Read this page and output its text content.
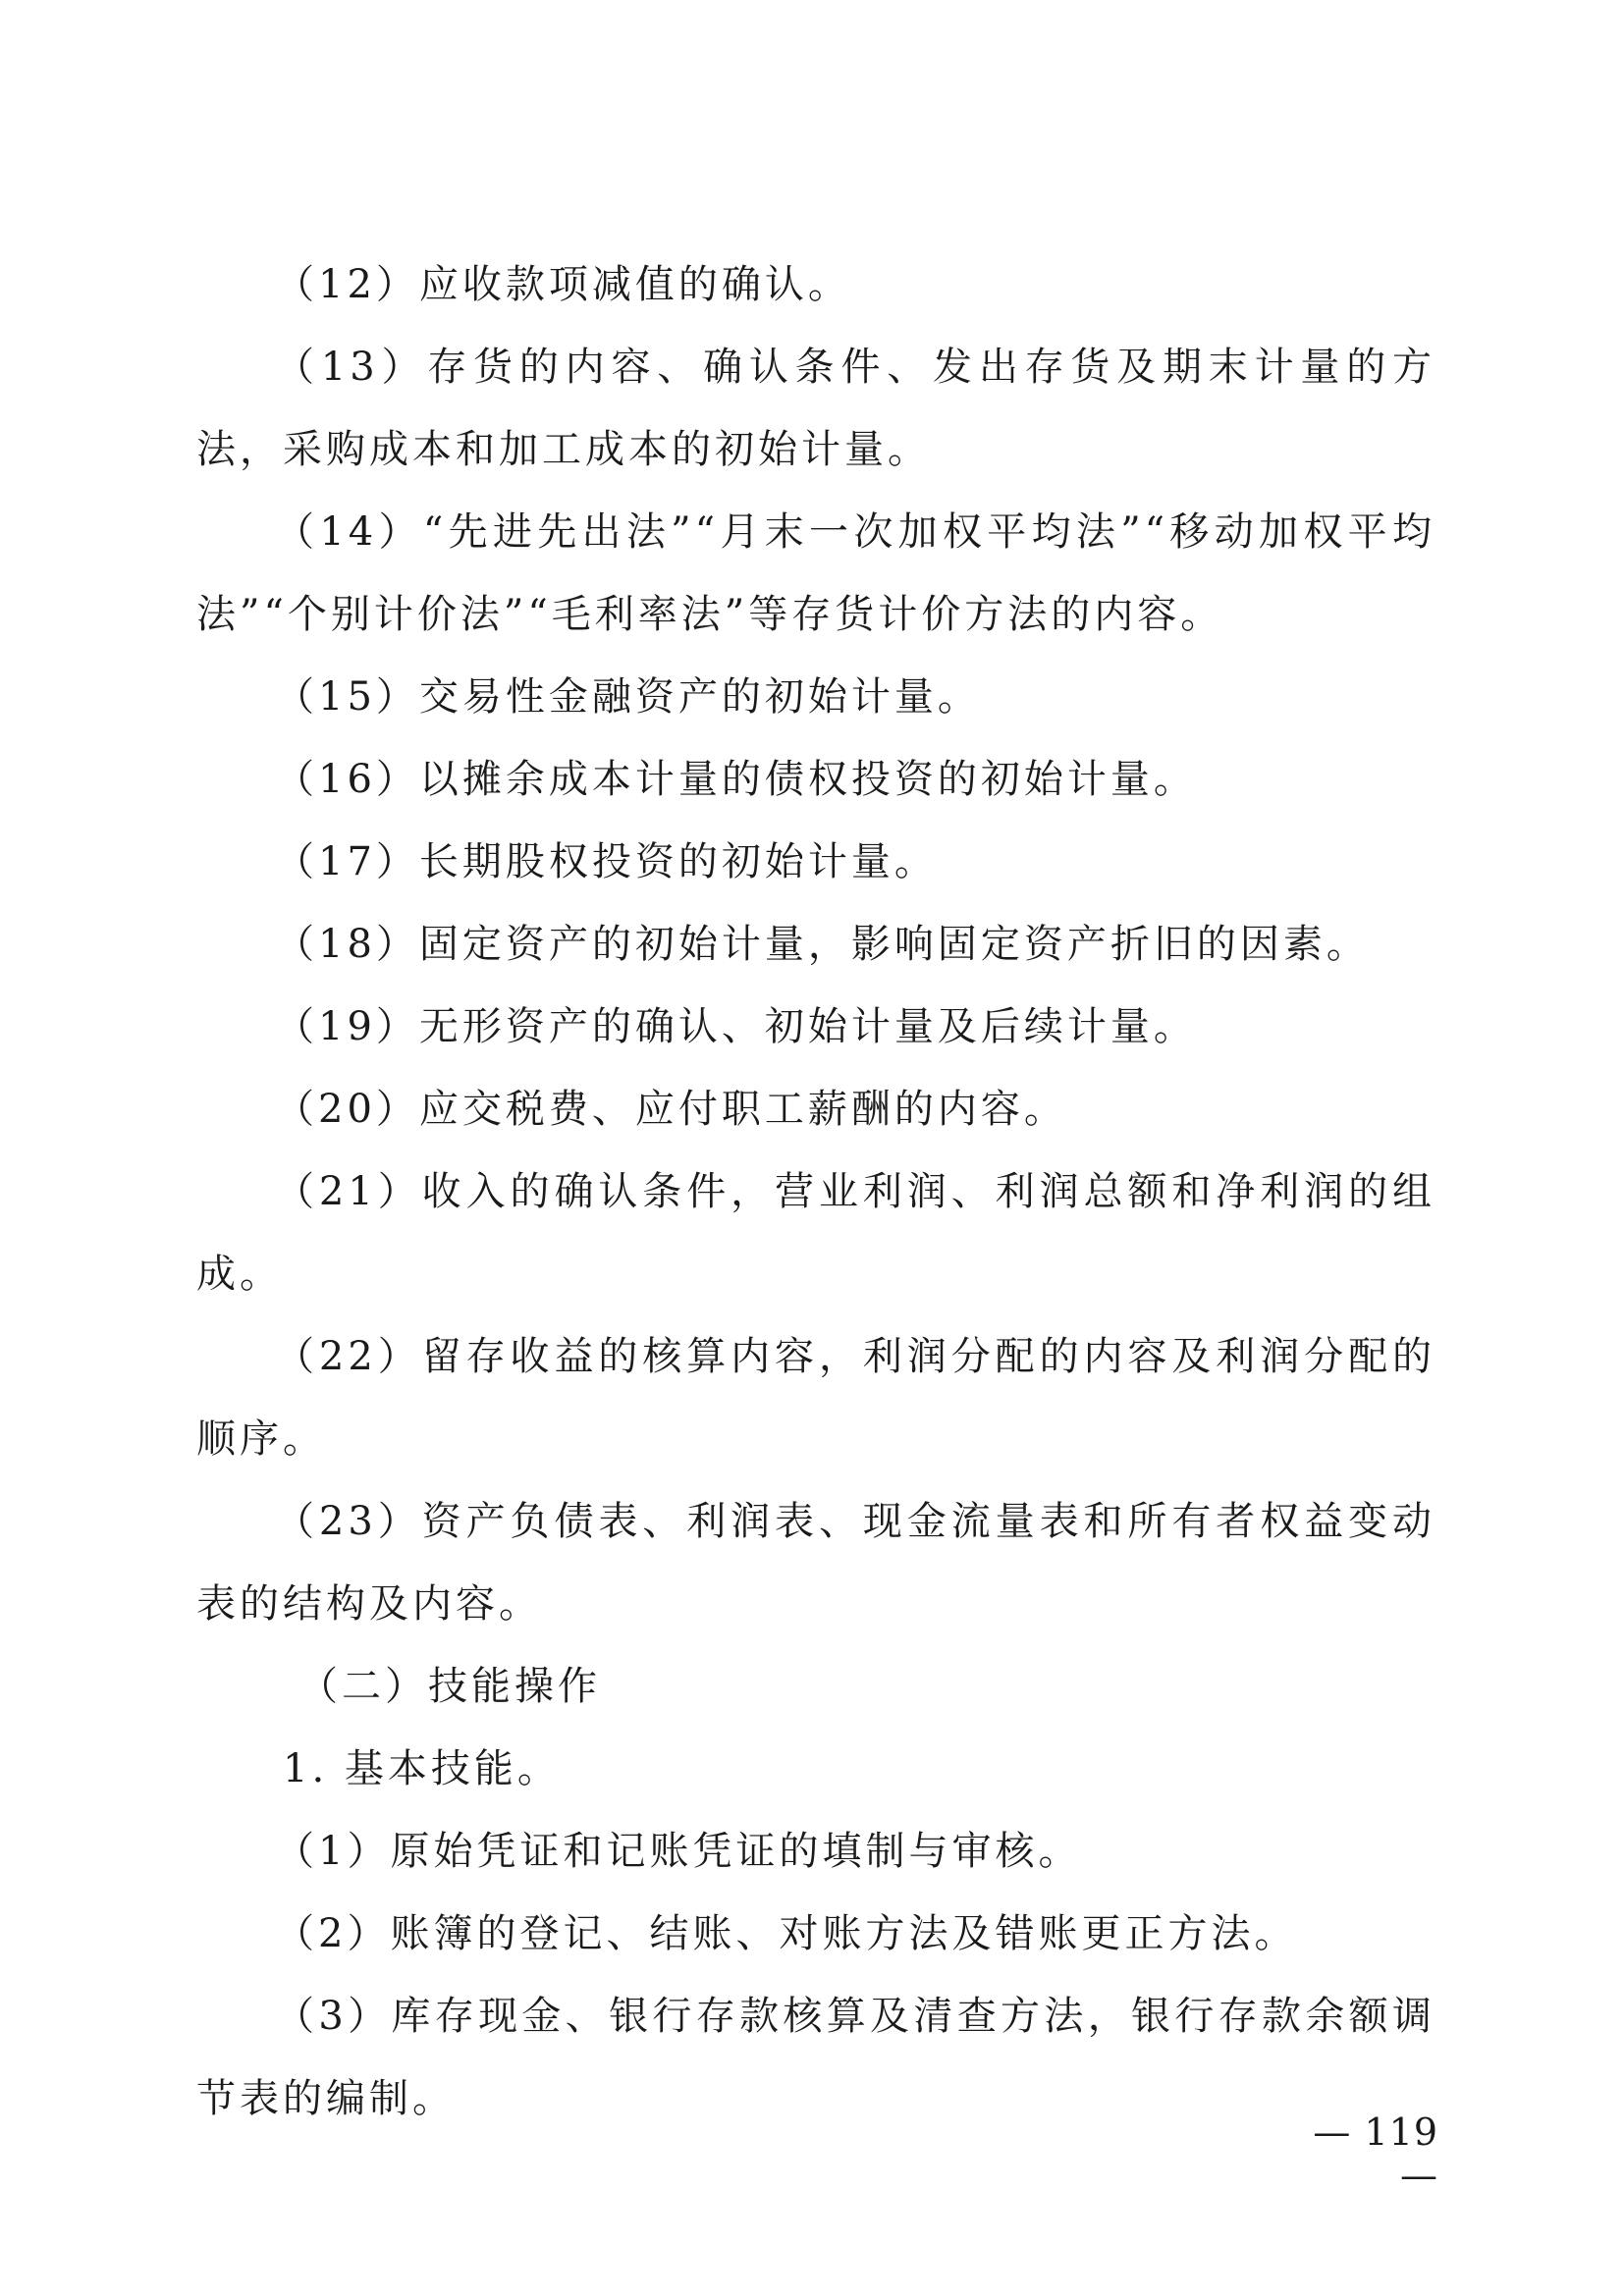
（12）应收款项减值的确认。

（13）存货的内容、确认条件、发出存货及期末计量的方法，采购成本和加工成本的初始计量。

（14）“先进先出法”“月末一次加权平均法”“移动加权平均法”“个别计价法”“毛利率法”等存货计价方法的内容。

（15）交易性金融资产的初始计量。

（16）以摊余成本计量的债权投资的初始计量。

（17）长期股权投资的初始计量。

（18）固定资产的初始计量，影响固定资产折旧的因素。

（19）无形资产的确认、初始计量及后续计量。

（20）应交税费、应付职工薪酬的内容。

（21）收入的确认条件，营业利润、利润总额和净利润的组成。

（22）留存收益的核算内容，利润分配的内容及利润分配的顺序。

（23）资产负债表、利润表、现金流量表和所有者权益变动表的结构及内容。

（二）技能操作

1. 基本技能。

（1）原始凭证和记账凭证的填制与审核。

（2）账簿的登记、结账、对账方法及错账更正方法。

（3）库存现金、银行存款核算及清查方法，银行存款余额调节表的编制。

— 119 —
